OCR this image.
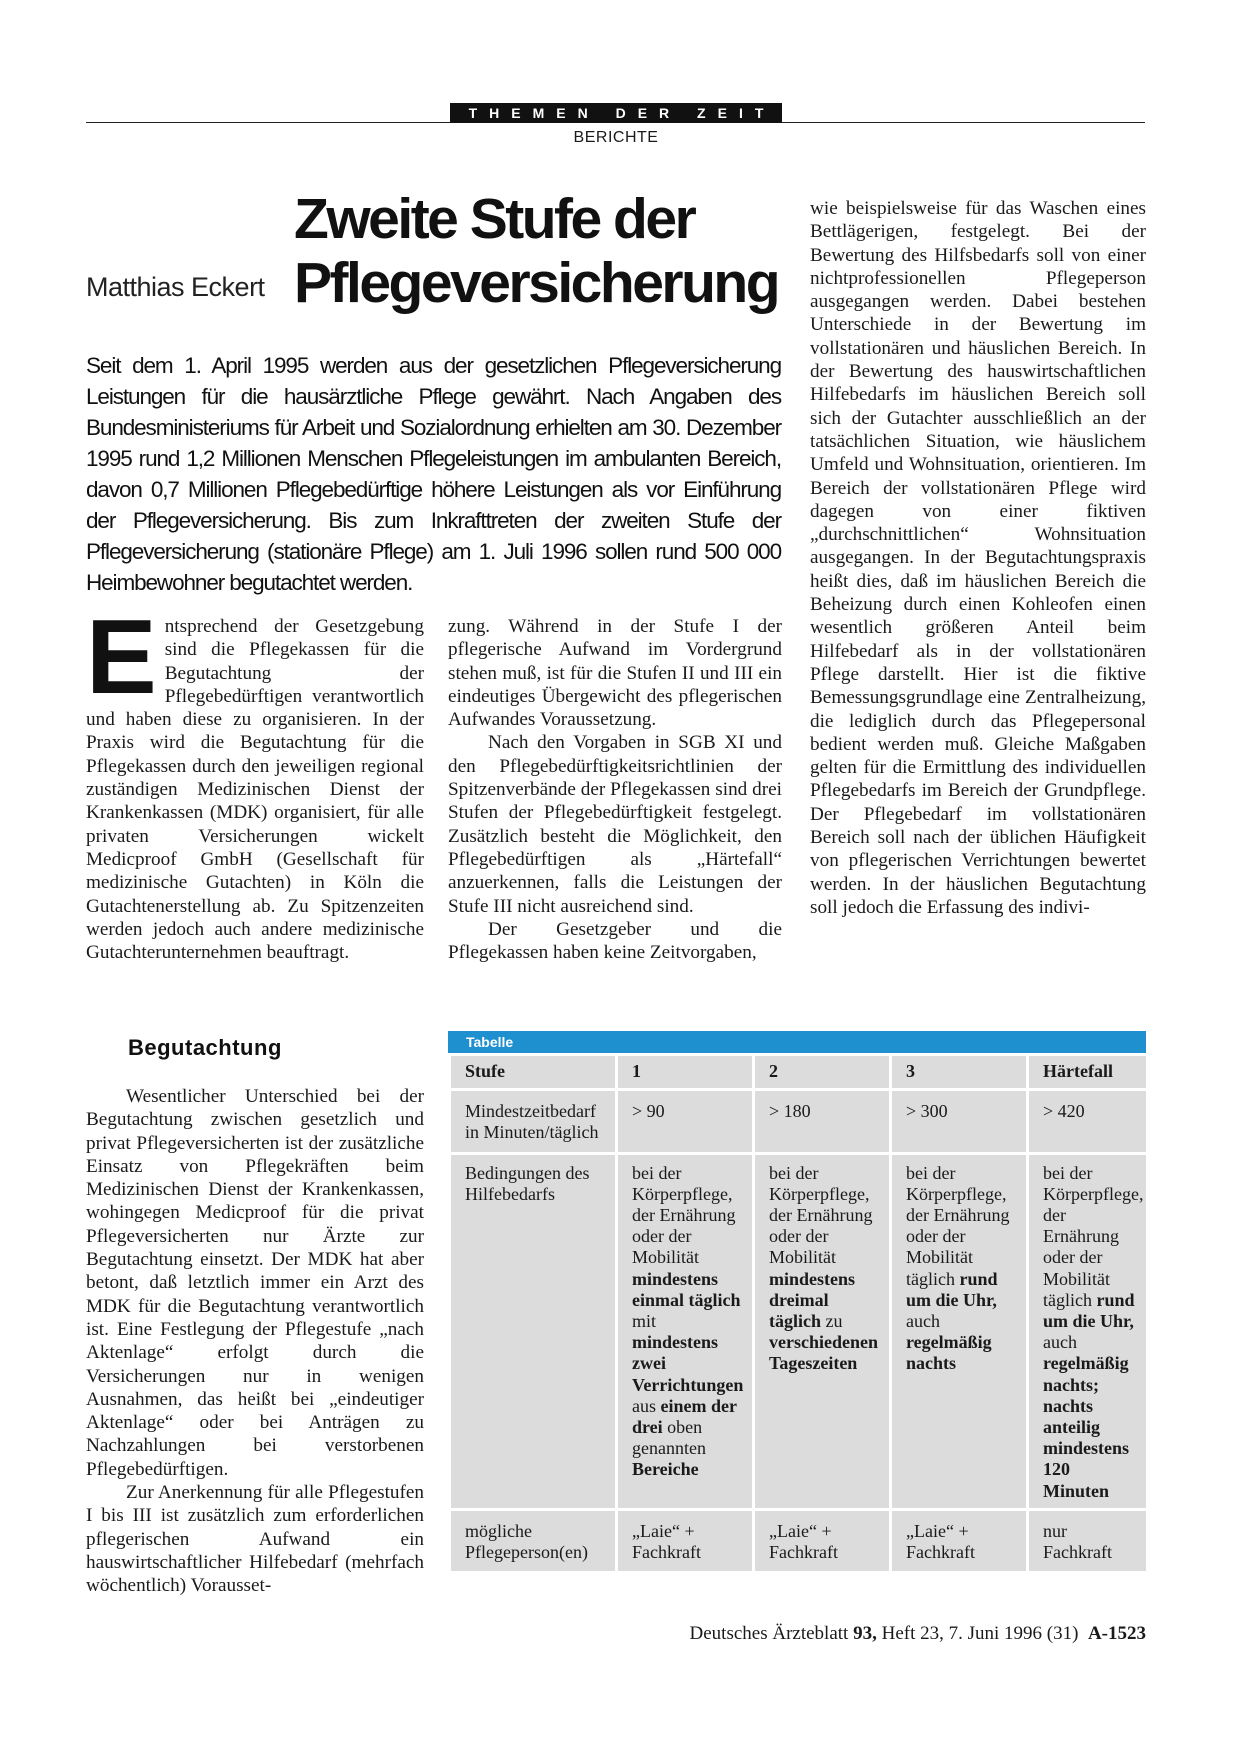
THEMEN DER ZEIT
BERICHTE
Matthias Eckert
Zweite Stufe der
Pflegeversicherung

Seit dem 1. April 1995 werden aus der gesetzlichen Pflegeversicherung Leistungen für die hausärztliche Pflege gewährt. Nach Angaben des Bundesministeriums für Arbeit und Sozialordnung erhielten am 30. Dezember 1995 rund 1,2 Millionen Menschen Pflegeleistungen im ambulanten Bereich, davon 0,7 Millionen Pflegebedürftige höhere Leistungen als vor Einführung der Pflegeversicherung. Bis zum Inkrafttreten der zweiten Stufe der Pflegeversicherung (stationäre Pflege) am 1. Juli 1996 sollen rund 500 000 Heimbewohner begutachtet werden.

Entsprechend der Gesetzgebung sind die Pflegekassen für die Begutachtung der Pflegebedürftigen verantwortlich und haben diese zu organisieren. In der Praxis wird die Begutachtung für die Pflegekassen durch den jeweiligen regional zuständigen Medizinischen Dienst der Krankenkassen (MDK) organisiert, für alle privaten Versicherungen wickelt Medicproof GmbH (Gesellschaft für medizinische Gutachten) in Köln die Gutachtenerstellung ab. Zu Spitzenzeiten werden jedoch auch andere medizinische Gutachterunternehmen beauftragt.

zung. Während in der Stufe I der pflegerische Aufwand im Vordergrund stehen muß, ist für die Stufen II und III ein eindeutiges Übergewicht des pflegerischen Aufwandes Voraussetzung.

Nach den Vorgaben in SGB XI und den Pflegebedürftigkeitsrichtlinien der Spitzenverbände der Pflegekassen sind drei Stufen der Pflegebedürftigkeit festgelegt. Zusätzlich besteht die Möglichkeit, den Pflegebedürftigen als „Härtefall“ anzuerkennen, falls die Leistungen der Stufe III nicht ausreichend sind.

Der Gesetzgeber und die Pflegekassen haben keine Zeitvorgaben,

wie beispielsweise für das Waschen eines Bettlägerigen, festgelegt. Bei der Bewertung des Hilfsbedarfs soll von einer nichtprofessionellen Pflegeperson ausgegangen werden. Dabei bestehen Unterschiede in der Bewertung im vollstationären und häuslichen Bereich. In der Bewertung des hauswirtschaftlichen Hilfebedarfs im häuslichen Bereich soll sich der Gutachter ausschließlich an der tatsächlichen Situation, wie häuslichem Umfeld und Wohnsituation, orientieren. Im Bereich der vollstationären Pflege wird dagegen von einer fiktiven „durchschnittlichen“ Wohnsituation ausgegangen. In der Begutachtungspraxis heißt dies, daß im häuslichen Bereich die Beheizung durch einen Kohleofen einen wesentlich größeren Anteil beim Hilfebedarf als in der vollstationären Pflege darstellt. Hier ist die fiktive Bemessungsgrundlage eine Zentralheizung, die lediglich durch das Pflegepersonal bedient werden muß. Gleiche Maßgaben gelten für die Ermittlung des individuellen Pflegebedarfs im Bereich der Grundpflege. Der Pflegebedarf im vollstationären Bereich soll nach der üblichen Häufigkeit von pflegerischen Verrichtungen bewertet werden. In der häuslichen Begutachtung soll jedoch die Erfassung des indivi-

Begutachtung

Wesentlicher Unterschied bei der Begutachtung zwischen gesetzlich und privat Pflegeversicherten ist der zusätzliche Einsatz von Pflegekräften beim Medizinischen Dienst der Krankenkassen, wohingegen Medicproof für die privat Pflegeversicherten nur Ärzte zur Begutachtung einsetzt. Der MDK hat aber betont, daß letztlich immer ein Arzt des MDK für die Begutachtung verantwortlich ist. Eine Festlegung der Pflegestufe „nach Aktenlage“ erfolgt durch die Versicherungen nur in wenigen Ausnahmen, das heißt bei „eindeutiger Aktenlage“ oder bei Anträgen zu Nachzahlungen bei verstorbenen Pflegebedürftigen.

Zur Anerkennung für alle Pflegestufen I bis III ist zusätzlich zum erforderlichen pflegerischen Aufwand ein hauswirtschaftlicher Hilfebedarf (mehrfach wöchentlich) Vorausset-

Tabelle
Stufe	1	2	3	Härtefall
Mindestzeitbedarf in Minuten/täglich	> 90	> 180	> 300	> 420
Bedingungen des Hilfebedarfs	bei der Körperpflege, der Ernährung oder der Mobilität mindestens einmal täglich mit mindestens zwei Verrichtungen aus einem der drei oben genannten Bereiche	bei der Körperpflege, der Ernährung oder der Mobilität mindestens dreimal täglich zu verschiedenen Tageszeiten	bei der Körperpflege, der Ernährung oder der Mobilität täglich rund um die Uhr, auch regelmäßig nachts	bei der Körperpflege, der Ernährung oder der Mobilität täglich rund um die Uhr, auch regelmäßig nachts; nachts anteilig mindestens 120 Minuten
mögliche Pflegeperson(en)	„Laie“ + Fachkraft	„Laie“ + Fachkraft	„Laie“ + Fachkraft	nur Fachkraft
Deutsches Ärzteblatt 93, Heft 23, 7. Juni 1996 (31)  A-1523
